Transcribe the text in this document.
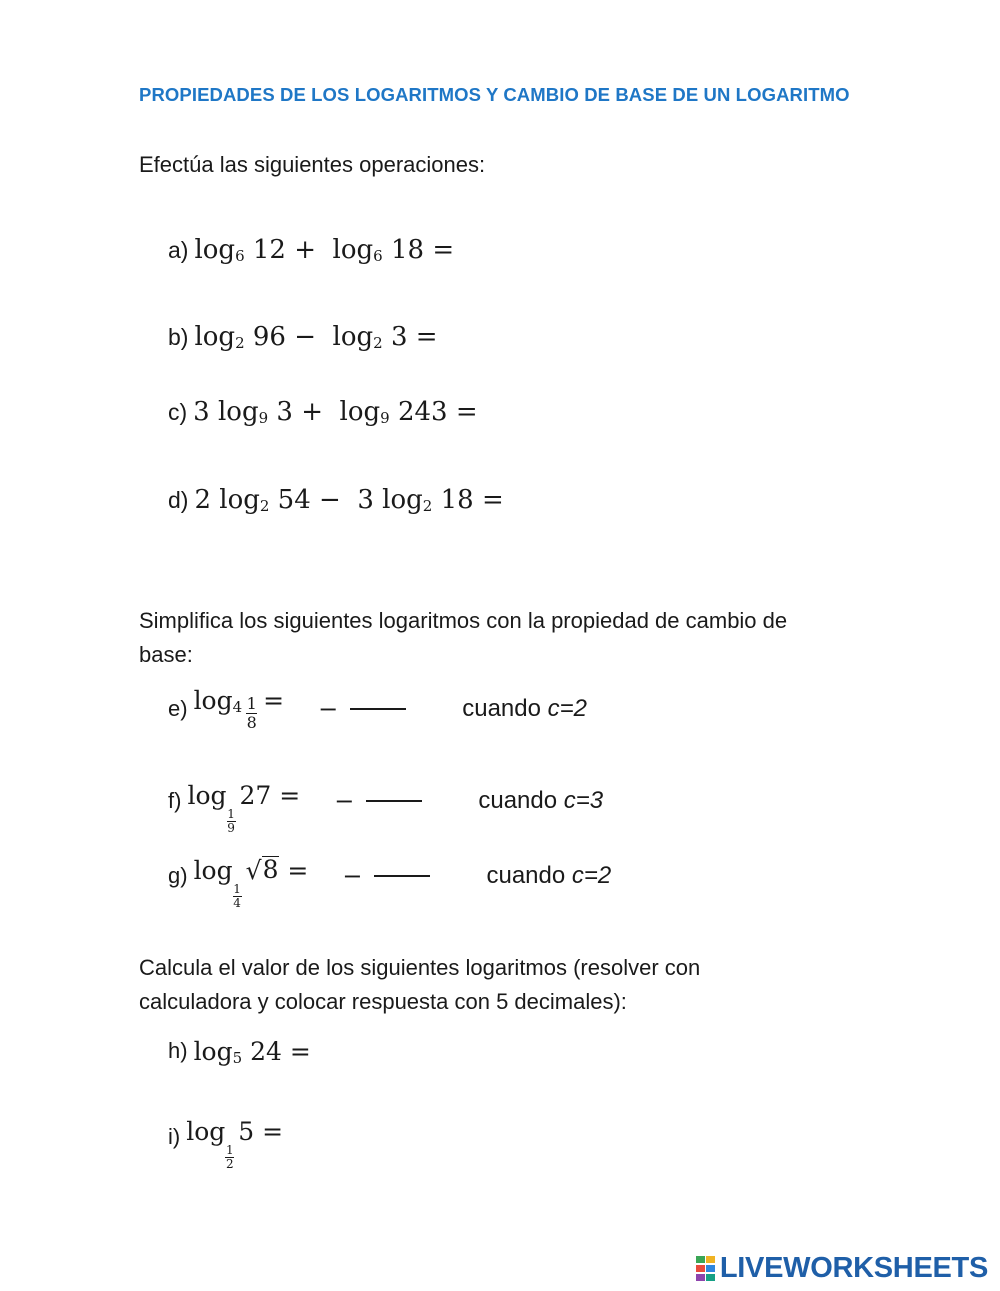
PROPIEDADES DE LOS LOGARITMOS Y CAMBIO DE BASE DE UN LOGARITMO
Efectúa las siguientes operaciones:
a) $\log_6 12 + \log_6 18$ =
b) $\log_2 96 - \log_2 3$ =
c) 3 $\log_9 3 + \log_9 243$ =
d) 2 $\log_2 54 - 3$ $\log_2 18$ =
Simplifica los siguientes logaritmos con la propiedad de cambio de
base:
e) $\log_4 \frac{1}{8}$ = −	cuando c=2
f) log
$\frac{1}{9}$
27 = −	cuando c=3
g) log
$\frac{1}{4}$
√ 8 = −	cuando c=2
Calcula el valor de los siguientes logaritmos (resolver con
calculadora y colocar respuesta con 5 decimales):
h) $\log_5 24$ =
i) log
$\frac{1}{2}$
5 =
LIVEWORKSHEETS
